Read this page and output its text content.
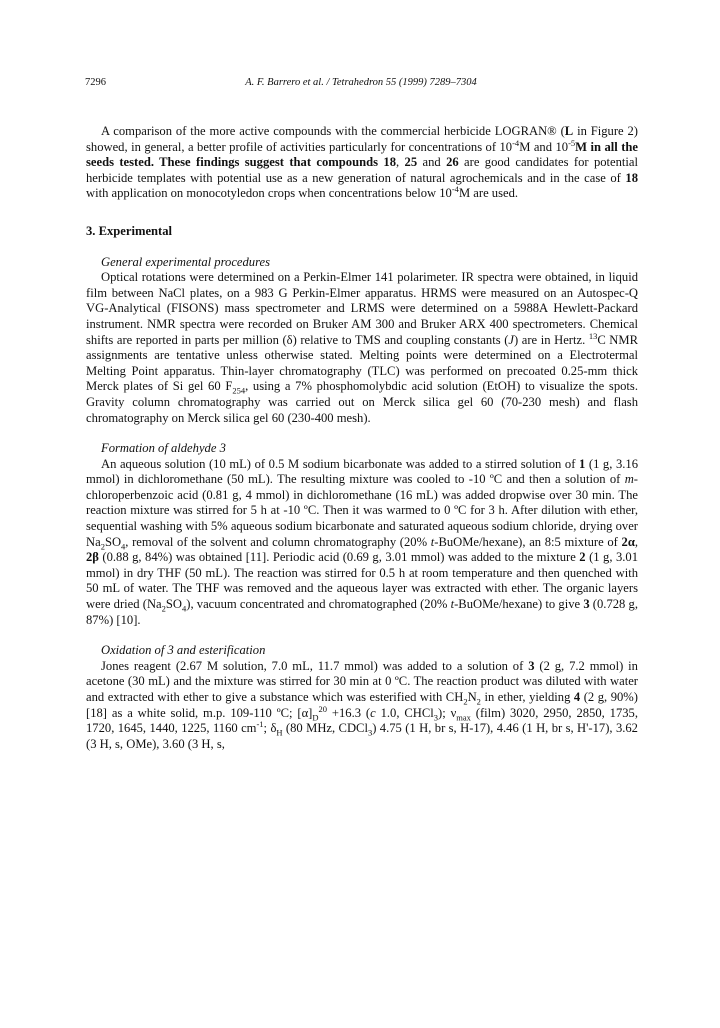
7296	A. F. Barrero et al. / Tetrahedron 55 (1999) 7289–7304

A comparison of the more active compounds with the commercial herbicide LOGRAN® (L in Figure 2) showed, in general, a better profile of activities particularly for concentrations of $10^{-4}M$ and $10^{-5}M$ in all the seeds tested. These findings suggest that compounds 18, 25 and 26 are good candidates for potential herbicide templates with potential use as a new generation of natural agrochemicals and in the case of 18 with application on monocotyledon crops when concentrations below $10^{-4}M$ are used.

3. Experimental

General experimental procedures

Optical rotations were determined on a Perkin-Elmer 141 polarimeter. IR spectra were obtained, in liquid film between NaCl plates, on a 983 G Perkin-Elmer apparatus. HRMS were measured on an Autospec-Q VG-Analytical (FISONS) mass spectrometer and LRMS were determined on a 5988A Hewlett-Packard instrument. NMR spectra were recorded on Bruker AM 300 and Bruker ARX 400 spectrometers. Chemical shifts are reported in parts per million (δ) relative to TMS and coupling constants (J) are in Hertz. $^{13}$C NMR assignments are tentative unless otherwise stated. Melting points were determined on a Electrotermal Melting Point apparatus. Thin-layer chromatography (TLC) was performed on precoated 0.25-mm thick Merck plates of Si gel 60 $F_{254}$, using a 7% phosphomolybdic acid solution (EtOH) to visualize the spots. Gravity column chromatography was carried out on Merck silica gel 60 (70-230 mesh) and flash chromatography on Merck silica gel 60 (230-400 mesh).

Formation of aldehyde 3

An aqueous solution (10 mL) of 0.5 M sodium bicarbonate was added to a stirred solution of 1 (1 g, 3.16 mmol) in dichloromethane (50 mL). The resulting mixture was cooled to -10 ºC and then a solution of m-chloroperbenzoic acid (0.81 g, 4 mmol) in dichloromethane (16 mL) was added dropwise over 30 min. The reaction mixture was stirred for 5 h at -10 ºC. Then it was warmed to 0 ºC for 3 h. After dilution with ether, sequential washing with 5% aqueous sodium bicarbonate and saturated aqueous sodium chloride, drying over $Na_2SO_4$, removal of the solvent and column chromatography (20% t-BuOMe/hexane), an 8:5 mixture of 2α, 2β (0.88 g, 84%) was obtained [11]. Periodic acid (0.69 g, 3.01 mmol) was added to the mixture 2 (1 g, 3.01 mmol) in dry THF (50 mL). The reaction was stirred for 0.5 h at room temperature and then quenched with 50 mL of water. The THF was removed and the aqueous layer was extracted with ether. The organic layers were dried $(Na_2SO_4)$, vacuum concentrated and chromatographed (20% t-BuOMe/hexane) to give 3 (0.728 g, 87%) [10].

Oxidation of 3 and esterification

Jones reagent (2.67 M solution, 7.0 mL, 11.7 mmol) was added to a solution of 3 (2 g, 7.2 mmol) in acetone (30 mL) and the mixture was stirred for 30 min at 0 ºC. The reaction product was diluted with water and extracted with ether to give a substance which was esterified with $CH_2N_2$ in ether, yielding 4 (2 g, 90%) [18] as a white solid, m.p. 109-110 ºC; $[\alpha]_D^{20} +16.3$ (c 1.0, CHCl$_3$); $\nu_{max}$ (film) 3020, 2950, 2850, 1735, 1720, 1645, 1440, 1225, 1160 $cm^{-1}$; $\delta_H$ (80 MHz, CDCl$_3$) 4.75 (1 H, br s, H-17), 4.46 (1 H, br s, H'-17), 3.62 (3 H, s, OMe), 3.60 (3 H, s,
